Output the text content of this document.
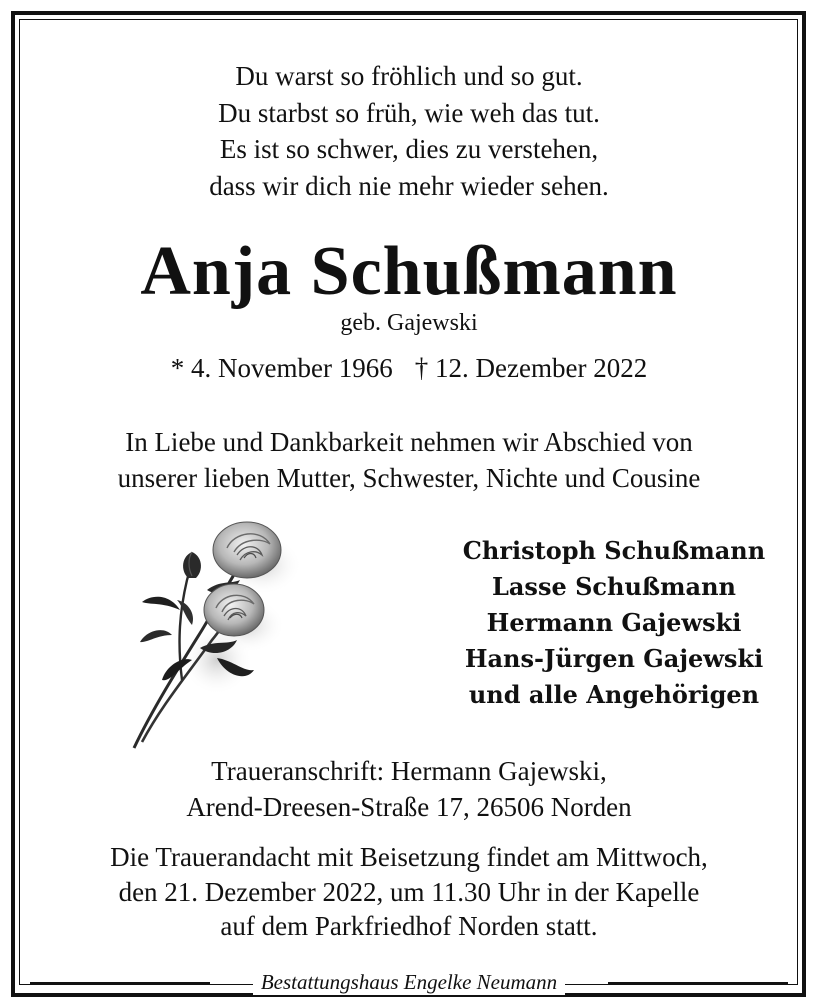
Du warst so fröhlich und so gut.
Du starbst so früh, wie weh das tut.
Es ist so schwer, dies zu verstehen,
dass wir dich nie mehr wieder sehen.
Anja Schußmann
geb. Gajewski
* 4. November 1966 † 12. Dezember 2022
In Liebe und Dankbarkeit nehmen wir Abschied von
unserer lieben Mutter, Schwester, Nichte und Cousine
Christoph Schußmann
Lasse Schußmann
Hermann Gajewski
Hans-Jürgen Gajewski
und alle Angehörigen
Traueranschrift: Hermann Gajewski,
Arend-Dreesen-Straße 17, 26506 Norden
Die Trauerandacht mit Beisetzung findet am Mittwoch,
den 21. Dezember 2022, um 11.30 Uhr in der Kapelle
auf dem Parkfriedhof Norden statt.
Bestattungshaus Engelke Neumann
